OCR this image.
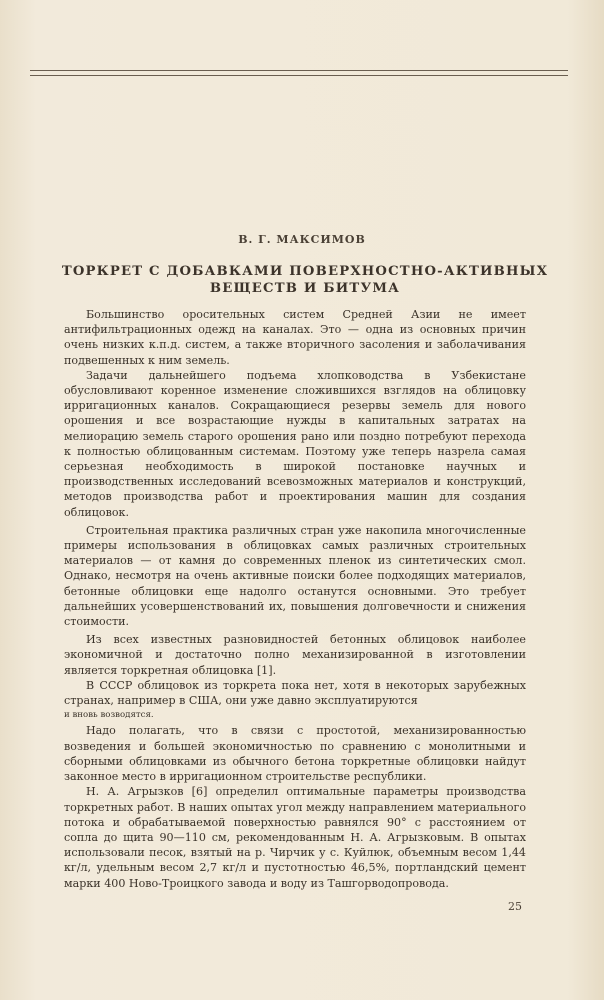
В. Г. МАКСИМОВ
ТОРКРЕТ С ДОБАВКАМИ ПОВЕРХНОСТНО-АКТИВНЫХ
ВЕЩЕСТВ И БИТУМА

Большинство оросительных систем Средней Азии не имеет антифильтрационных одежд на каналах. Это — одна из основных причин очень низких к.п.д. систем, а также вторичного засоления и заболачивания подвешенных к ним земель.

Задачи дальнейшего подъема хлопководства в Узбекистане обусловливают коренное изменение сложившихся взглядов на облицовку ирригационных каналов. Сокращающиеся резервы земель для нового орошения и все возрастающие нужды в капитальных затратах на мелиорацию земель старого орошения рано или поздно потребуют перехода к полностью облицованным системам. Поэтому уже теперь назрела самая серьезная необходимость в широкой постановке научных и производственных исследований всевозможных материалов и конструкций, методов производства работ и проектирования машин для создания облицовок.

Строительная практика различных стран уже накопила многочисленные примеры использования в облицовках самых различных строительных материалов — от камня до современных пленок из синтетических смол. Однако, несмотря на очень активные поиски более подходящих материалов, бетонные облицовки еще надолго останутся основными. Это требует дальнейших усовершенствований их, повышения долговечности и снижения стоимости.

Из всех известных разновидностей бетонных облицовок наиболее экономичной и достаточно полно механизированной в изготовлении является торкретная облицовка [1].

В СССР облицовок из торкрета пока нет, хотя в некоторых зарубежных странах, например в США, они уже давно эксплуатируются

и вновь возводятся.

Надо полагать, что в связи с простотой, механизированностью возведения и большей экономичностью по сравнению с монолитными и сборными облицовками из обычного бетона торкретные облицовки найдут законное место в ирригационном строительстве республики.

Н. А. Агрызков [6] определил оптимальные параметры производства торкретных работ. В наших опытах угол между направлением материального потока и обрабатываемой поверхностью равнялся 90° с расстоянием от сопла до щита 90—110 см, рекомендованным Н. А. Агрызковым. В опытах использовали песок, взятый на р. Чирчик у с. Куйлюк, объемным весом 1,44 кг/л, удельным весом 2,7 кг/л и пустотностью 46,5%, портландский цемент марки 400 Ново-Троицкого завода и воду из Ташгорводопровода.

25
